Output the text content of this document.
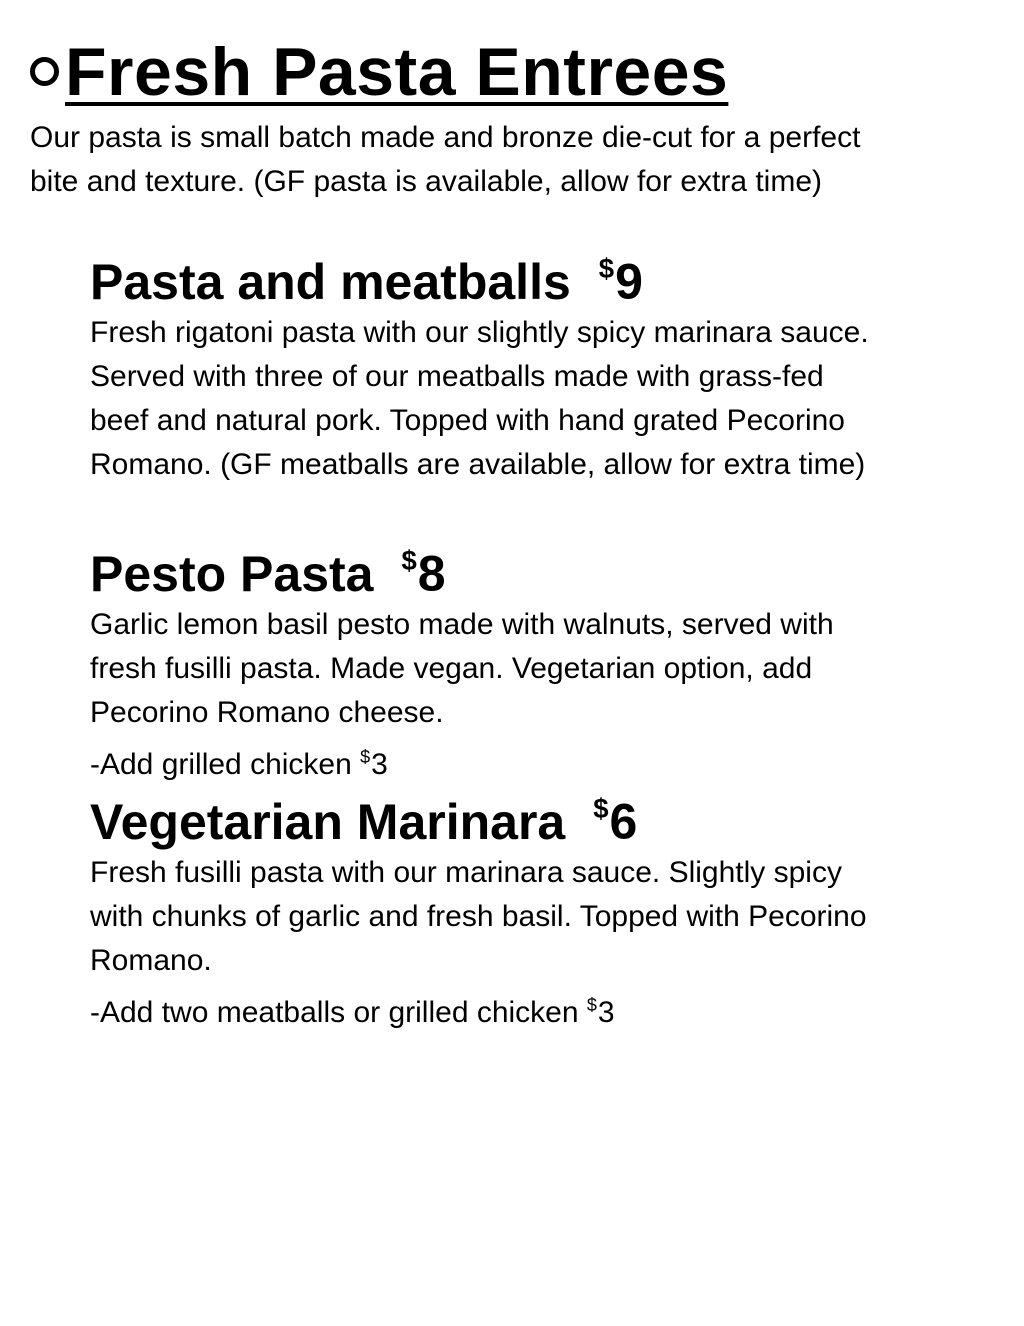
Fresh Pasta Entrees

Our pasta is small batch made and bronze die-cut for a perfect

bite and texture. (GF pasta is available, allow for extra time)

Pasta and meatballs $9

Fresh rigatoni pasta with our slightly spicy marinara sauce.

Served with three of our meatballs made with grass-fed

beef and natural pork. Topped with hand grated Pecorino

Romano. (GF meatballs are available, allow for extra time)

Pesto Pasta $8

Garlic lemon basil pesto made with walnuts, served with

fresh fusilli pasta. Made vegan. Vegetarian option, add

Pecorino Romano cheese.

-Add grilled chicken $3

Vegetarian Marinara $6

Fresh fusilli pasta with our marinara sauce. Slightly spicy

with chunks of garlic and fresh basil. Topped with Pecorino

Romano.

-Add two meatballs or grilled chicken $3
